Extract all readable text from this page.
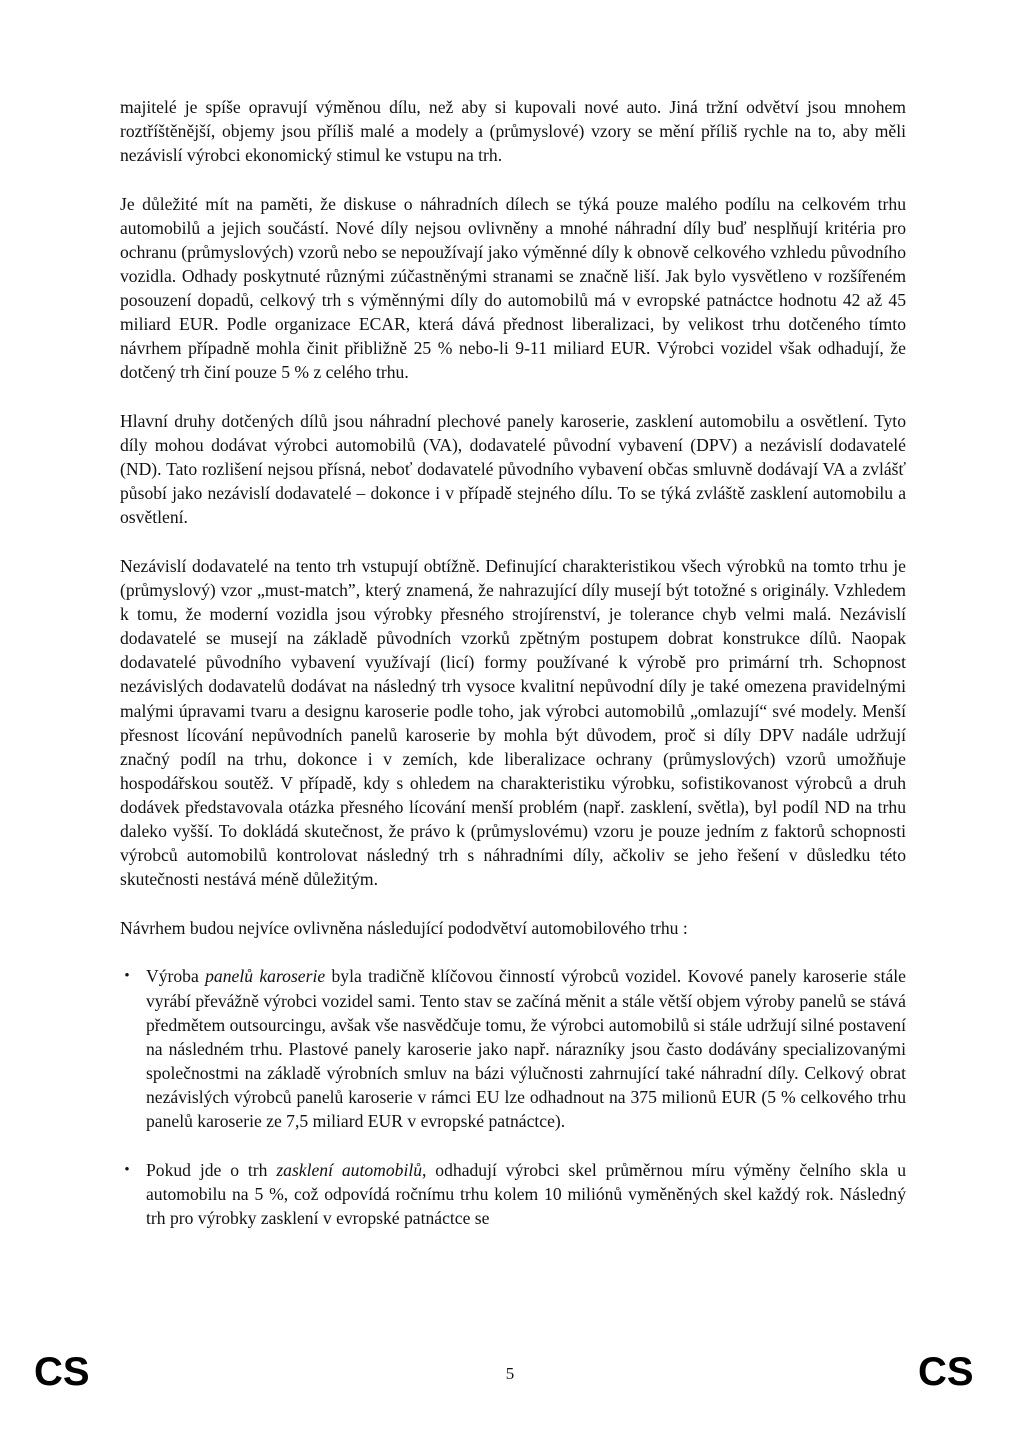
majitelé je spíše opravují výměnou dílu, než aby si kupovali nové auto. Jiná tržní odvětví jsou mnohem roztříštěnější, objemy jsou příliš malé a modely a (průmyslové) vzory se mění příliš rychle na to, aby měli nezávislí výrobci ekonomický stimul ke vstupu na trh.

Je důležité mít na paměti, že diskuse o náhradních dílech se týká pouze malého podílu na celkovém trhu automobilů a jejich součástí. Nové díly nejsou ovlivněny a mnohé náhradní díly buď nesplňují kritéria pro ochranu (průmyslových) vzorů nebo se nepoužívají jako výměnné díly k obnově celkového vzhledu původního vozidla. Odhady poskytnuté různými zúčastněnými stranami se značně liší. Jak bylo vysvětleno v rozšířeném posouzení dopadů, celkový trh s výměnnými díly do automobilů má v evropské patnáctce hodnotu 42 až 45 miliard EUR. Podle organizace ECAR, která dává přednost liberalizaci, by velikost trhu dotčeného tímto návrhem případně mohla činit přibližně 25 % nebo-li 9-11 miliard EUR. Výrobci vozidel však odhadují, že dotčený trh činí pouze 5 % z celého trhu.

Hlavní druhy dotčených dílů jsou náhradní plechové panely karoserie, zasklení automobilu a osvětlení. Tyto díly mohou dodávat výrobci automobilů (VA), dodavatelé původní vybavení (DPV) a nezávislí dodavatelé (ND). Tato rozlišení nejsou přísná, neboť dodavatelé původního vybavení občas smluvně dodávají VA a zvlášť působí jako nezávislí dodavatelé – dokonce i v případě stejného dílu. To se týká zvláště zasklení automobilu a osvětlení.

Nezávislí dodavatelé na tento trh vstupují obtížně. Definující charakteristikou všech výrobků na tomto trhu je (průmyslový) vzor „must-match”, který znamená, že nahrazující díly musejí být totožné s originály. Vzhledem k tomu, že moderní vozidla jsou výrobky přesného strojírenství, je tolerance chyb velmi malá. Nezávislí dodavatelé se musejí na základě původních vzorků zpětným postupem dobrat konstrukce dílů. Naopak dodavatelé původního vybavení využívají (licí) formy používané k výrobě pro primární trh. Schopnost nezávislých dodavatelů dodávat na následný trh vysoce kvalitní nepůvodní díly je také omezena pravidelnými malými úpravami tvaru a designu karoserie podle toho, jak výrobci automobilů „omlazují“ své modely. Menší přesnost lícování nepůvodních panelů karoserie by mohla být důvodem, proč si díly DPV nadále udržují značný podíl na trhu, dokonce i v zemích, kde liberalizace ochrany (průmyslových) vzorů umožňuje hospodářskou soutěž. V případě, kdy s ohledem na charakteristiku výrobku, sofistikovanost výrobců a druh dodávek představovala otázka přesného lícování menší problém (např. zasklení, světla), byl podíl ND na trhu daleko vyšší. To dokládá skutečnost, že právo k (průmyslovému) vzoru je pouze jedním z faktorů schopnosti výrobců automobilů kontrolovat následný trh s náhradními díly, ačkoliv se jeho řešení v důsledku této skutečnosti nestává méně důležitým.

Návrhem budou nejvíce ovlivněna následující pododvětví automobilového trhu :

• Výroba panelů karoserie byla tradičně klíčovou činností výrobců vozidel. Kovové panely karoserie stále vyrábí převážně výrobci vozidel sami. Tento stav se začíná měnit a stále větší objem výroby panelů se stává předmětem outsourcingu, avšak vše nasvědčuje tomu, že výrobci automobilů si stále udržují silné postavení na následném trhu. Plastové panely karoserie jako např. nárazníky jsou často dodávány specializovanými společnostmi na základě výrobních smluv na bázi výlučnosti zahrnující také náhradní díly. Celkový obrat nezávislých výrobců panelů karoserie v rámci EU lze odhadnout na 375 milionů EUR (5 % celkového trhu panelů karoserie ze 7,5 miliard EUR v evropské patnáctce).
• Pokud jde o trh zasklení automobilů, odhadují výrobci skel průměrnou míru výměny čelního skla u automobilu na 5 %, což odpovídá ročnímu trhu kolem 10 miliónů vyměněných skel každý rok. Následný trh pro výrobky zasklení v evropské patnáctce se
CS	5	CS
